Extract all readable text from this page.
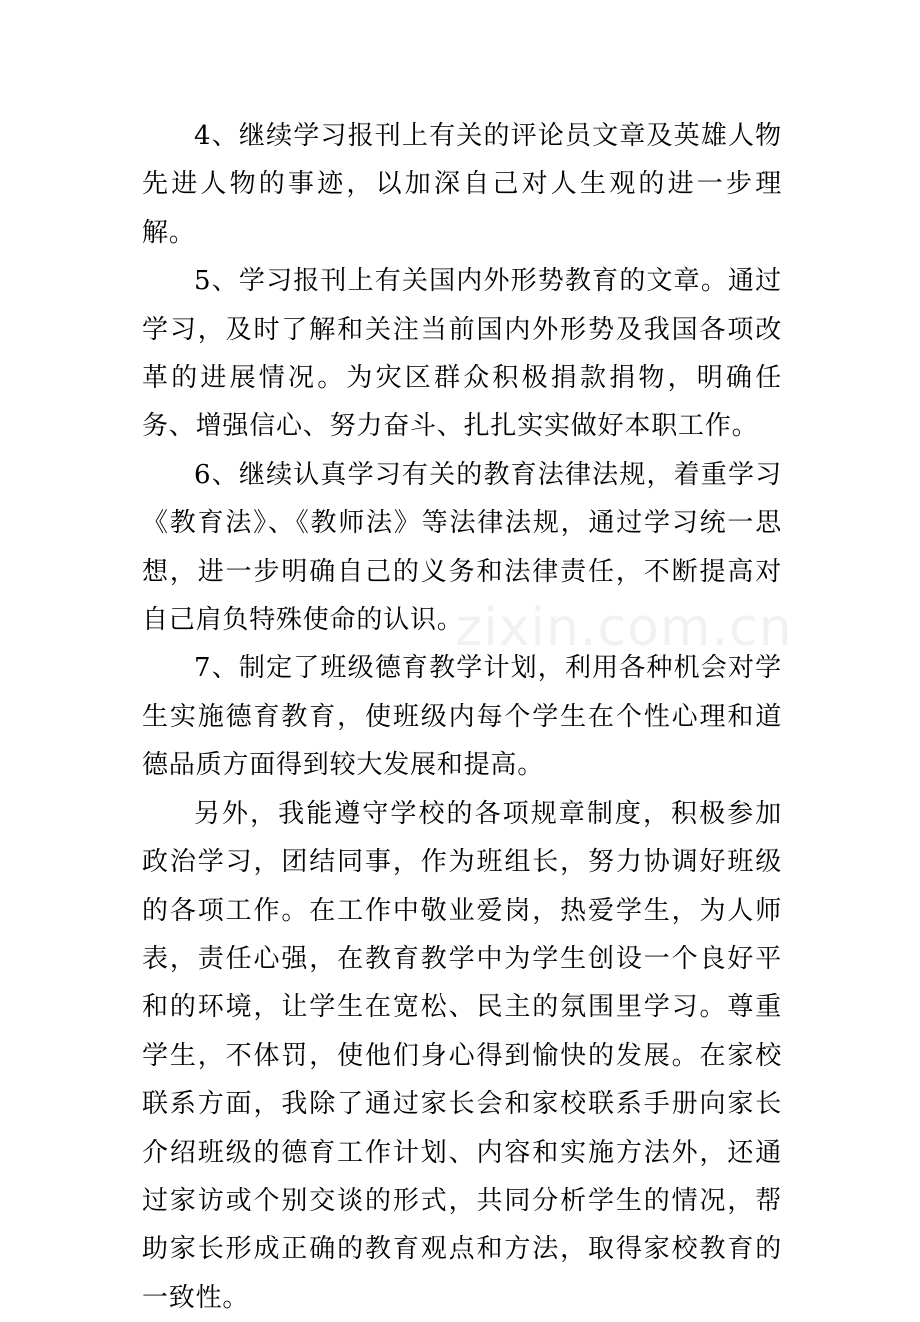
4、继续学习报刊上有关的评论员文章及英雄人物先进人物的事迹，以加深自己对人生观的进一步理解。

5、学习报刊上有关国内外形势教育的文章。通过学习，及时了解和关注当前国内外形势及我国各项改革的进展情况。为灾区群众积极捐款捐物，明确任务、增强信心、努力奋斗、扎扎实实做好本职工作。

6、继续认真学习有关的教育法律法规，着重学习《教育法》、《教师法》等法律法规，通过学习统一思想，进一步明确自己的义务和法律责任，不断提高对自己肩负特殊使命的认识。

7、制定了班级德育教学计划，利用各种机会对学生实施德育教育，使班级内每个学生在个性心理和道德品质方面得到较大发展和提高。

另外，我能遵守学校的各项规章制度，积极参加政治学习，团结同事，作为班组长，努力协调好班级的各项工作。在工作中敬业爱岗，热爱学生，为人师表，责任心强，在教育教学中为学生创设一个良好平和的环境，让学生在宽松、民主的氛围里学习。尊重学生，不体罚，使他们身心得到愉快的发展。在家校联系方面，我除了通过家长会和家校联系手册向家长介绍班级的德育工作计划、内容和实施方法外，还通过家访或个别交谈的形式，共同分析学生的情况，帮助家长形成正确的教育观点和方法，取得家校教育的一致性。

zixin.com.cn
